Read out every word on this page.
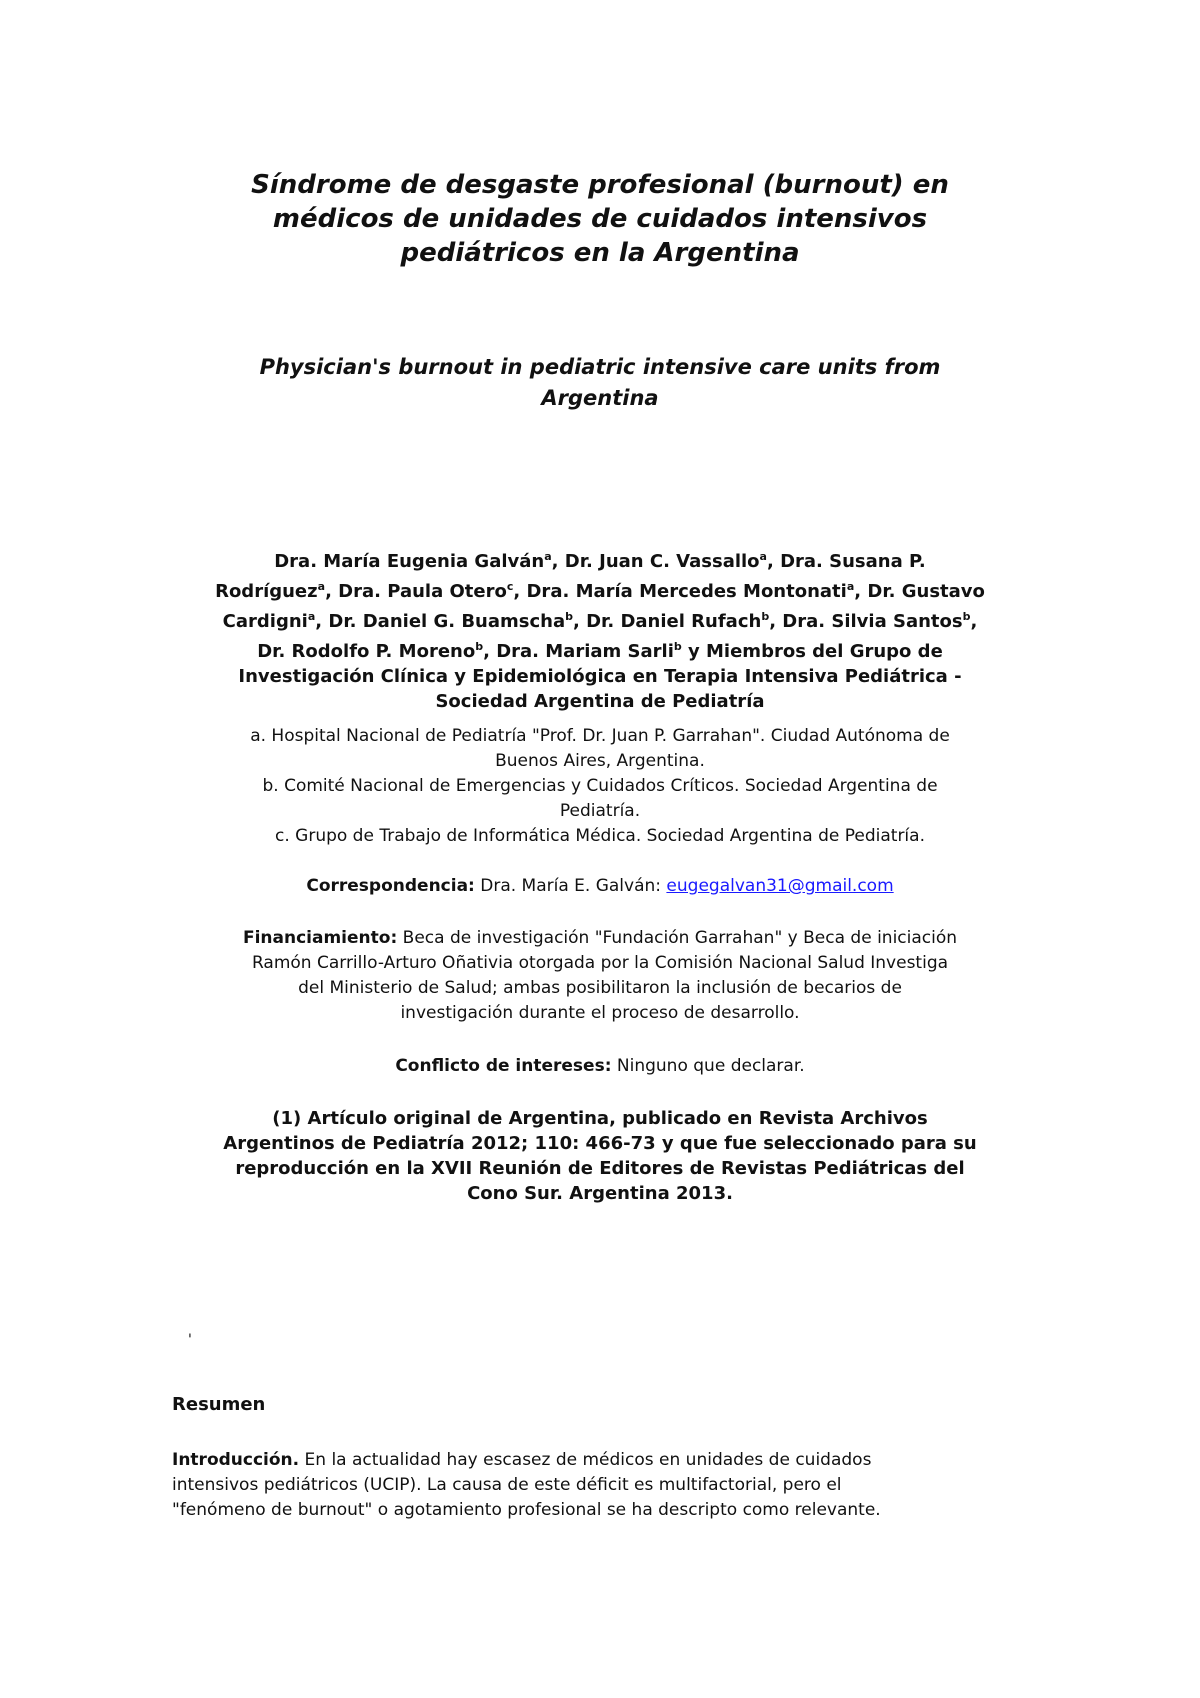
Síndrome de desgaste profesional (burnout) en
médicos de unidades de cuidados intensivos
pediátricos en la Argentina
Physician's burnout in pediatric intensive care units from
Argentina

Dra. María Eugenia Galván$^a$, Dr. Juan C. Vassallo$^a$, Dra. Susana P.
Rodríguez$^a$, Dra. Paula Otero$^c$, Dra. María Mercedes Montonati$^a$, Dr. Gustavo
Cardigni$^a$, Dr. Daniel G. Buamscha$^b$, Dr. Daniel Rufach$^b$, Dra. Silvia Santos$^b$,
Dr. Rodolfo P. Moreno$^b$, Dra. Mariam Sarli$^b$ y Miembros del Grupo de
Investigación Clínica y Epidemiológica en Terapia Intensiva Pediátrica -
Sociedad Argentina de Pediatría

a. Hospital Nacional de Pediatría "Prof. Dr. Juan P. Garrahan". Ciudad Autónoma de
Buenos Aires, Argentina.
b. Comité Nacional de Emergencias y Cuidados Críticos. Sociedad Argentina de
Pediatría.
c. Grupo de Trabajo de Informática Médica. Sociedad Argentina de Pediatría.

Correspondencia: Dra. María E. Galván: eugegalvan31@gmail.com

Financiamiento: Beca de investigación "Fundación Garrahan" y Beca de iniciación
Ramón Carrillo-Arturo Oñativia otorgada por la Comisión Nacional Salud Investiga
del Ministerio de Salud; ambas posibilitaron la inclusión de becarios de
investigación durante el proceso de desarrollo.

Conflicto de intereses: Ninguno que declarar.

(1) Artículo original de Argentina, publicado en Revista Archivos
Argentinos de Pediatría 2012; 110: 466-73 y que fue seleccionado para su
reproducción en la XVII Reunión de Editores de Revistas Pediátricas del
Cono Sur. Argentina 2013.

'
Resumen

Introducción. En la actualidad hay escasez de médicos en unidades de cuidados
intensivos pediátricos (UCIP). La causa de este déficit es multifactorial, pero el
"fenómeno de burnout" o agotamiento profesional se ha descripto como relevante.
